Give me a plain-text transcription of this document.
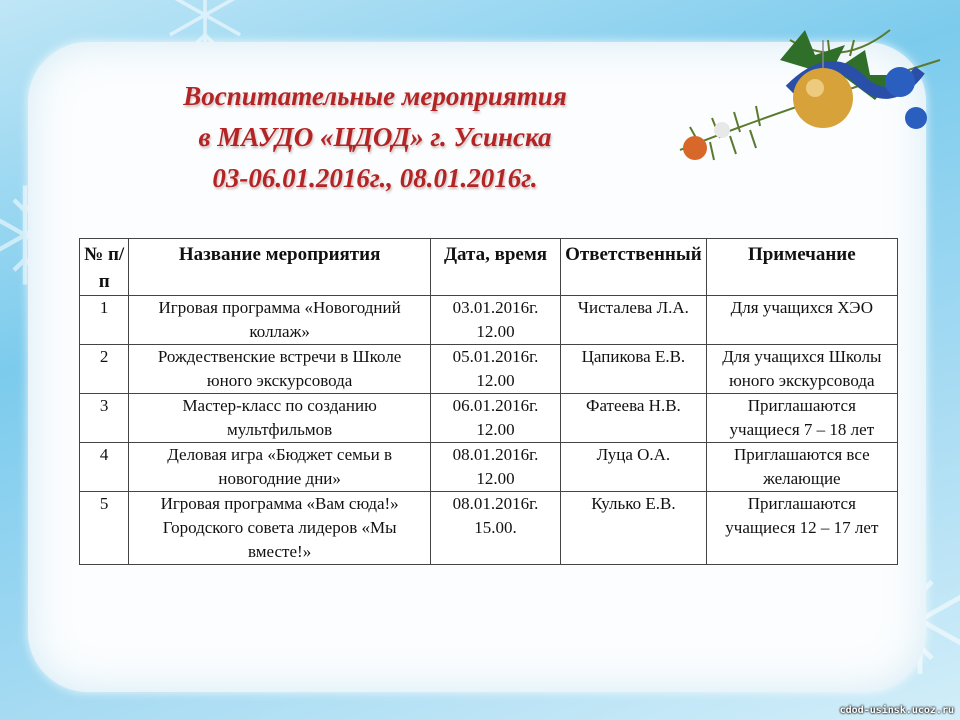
Воспитательные мероприятия
в МАУДО «ЦДОД» г. Усинска
03-06.01.2016г., 08.01.2016г.
№ п/п	Название мероприятия	Дата, время	Ответственный	Примечание
1	Игровая программа «Новогодний коллаж»	03.01.2016г. 12.00	Чисталева Л.А.	Для учащихся ХЭО
2	Рождественские встречи в Школе юного экскурсовода	05.01.2016г. 12.00	Цапикова Е.В.	Для учащихся Школы юного экскурсовода
3	Мастер-класс по созданию мультфильмов	06.01.2016г. 12.00	Фатеева Н.В.	Приглашаются учащиеся 7 – 18 лет
4	Деловая игра «Бюджет семьи в новогодние дни»	08.01.2016г. 12.00	Луца О.А.	Приглашаются все желающие
5	Игровая программа «Вам сюда!» Городского совета лидеров «Мы вместе!»	08.01.2016г. 15.00.	Кулько Е.В.	Приглашаются учащиеся 12 – 17 лет
cdod-usinsk.ucoz.ru
